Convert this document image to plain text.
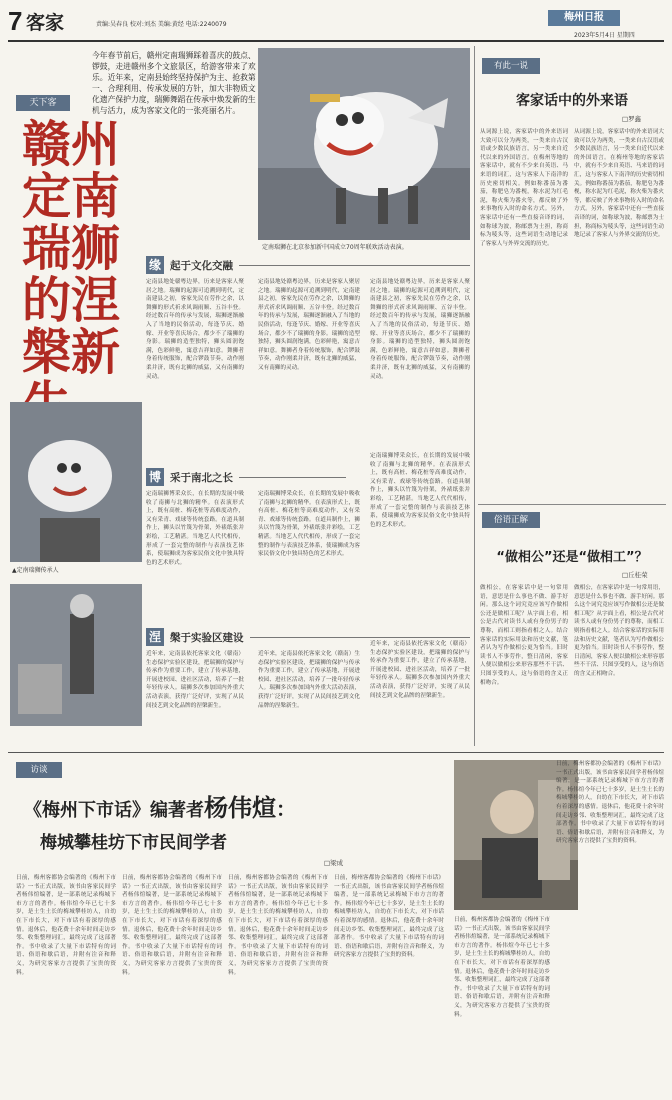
7 客家	责编:吴春良 校对:刘杰 美编:黄经 电话:2240079
梅州日报
2023年5月4日 星期四
天下客
赣州定南瑞狮的涅槃新
今年春节前后，赣州定南瑞狮踩着喜庆的鼓点、锣鼓，走进赣州多个文旅景区，给游客带来了欢乐。近年来，定南县始终坚持保护为主、抢救第一、合理利用、传承发展的方针，加大非物质文化遗产保护力度，瑞狮舞蹈在传承中焕发新的生机与活力，成为客家文化的一张亮丽名片。
定南瑞狮在北京参加新中国成立70周年联欢活动表演。
缘 起于文化交融
定南县地处赣粤边界，历来是客家人聚居之地。瑞狮的起源可追溯到明代，定南建县之初，客家先民在劳作之余，以舞狮的形式祈求风调雨顺、五谷丰登。经过数百年的传承与发展，瑞狮逐渐融入了当地的民俗活动，每逢节庆、婚嫁、开业等喜庆场合，都少不了瑞狮的身影。瑞狮的造型独特，狮头圆润饱满，色彩鲜艳，寓意吉祥如意。舞狮者身着传统服饰，配合锣鼓节奏，动作刚柔并济，既有北狮的威猛，又有南狮的灵动。
定南县地处赣粤边界，历来是客家人聚居之地。瑞狮的起源可追溯到明代，定南建县之初，客家先民在劳作之余，以舞狮的形式祈求风调雨顺、五谷丰登。经过数百年的传承与发展，瑞狮逐渐融入了当地的民俗活动，每逢节庆、婚嫁、开业等喜庆场合，都少不了瑞狮的身影。瑞狮的造型独特，狮头圆润饱满，色彩鲜艳，寓意吉祥如意。舞狮者身着传统服饰，配合锣鼓节奏，动作刚柔并济，既有北狮的威猛，又有南狮的灵动。
定南县地处赣粤边界，历来是客家人聚居之地。瑞狮的起源可追溯到明代，定南建县之初，客家先民在劳作之余，以舞狮的形式祈求风调雨顺、五谷丰登。经过数百年的传承与发展，瑞狮逐渐融入了当地的民俗活动，每逢节庆、婚嫁、开业等喜庆场合，都少不了瑞狮的身影。瑞狮的造型独特，狮头圆润饱满，色彩鲜艳，寓意吉祥如意。舞狮者身着传统服饰，配合锣鼓节奏，动作刚柔并济，既有北狮的威猛，又有南狮的灵动。
博 采于南北之长
定南瑞狮博采众长，在长期的发展中吸收了南狮与北狮的精华。在表演形式上，既有高桩、梅花桩等高难度动作，又有采青、戏球等传统套路。在道具制作上，狮头以竹篾为骨架，外裱纸张并彩绘，工艺精湛。当地艺人代代相传，形成了一套完整的制作与表演技艺体系，使瑞狮成为客家民俗文化中独具特色的艺术形式。
定南瑞狮博采众长，在长期的发展中吸收了南狮与北狮的精华。在表演形式上，既有高桩、梅花桩等高难度动作，又有采青、戏球等传统套路。在道具制作上，狮头以竹篾为骨架，外裱纸张并彩绘，工艺精湛。当地艺人代代相传，形成了一套完整的制作与表演技艺体系，使瑞狮成为客家民俗文化中独具特色的艺术形式。
定南瑞狮博采众长，在长期的发展中吸收了南狮与北狮的精华。在表演形式上，既有高桩、梅花桩等高难度动作，又有采青、戏球等传统套路。在道具制作上，狮头以竹篾为骨架，外裱纸张并彩绘，工艺精湛。当地艺人代代相传，形成了一套完整的制作与表演技艺体系，使瑞狮成为客家民俗文化中独具特色的艺术形式。
▲定南瑞狮传承人
涅 槃于实验区建设
近年来，定南县依托客家文化（赣南）生态保护实验区建设，把瑞狮的保护与传承作为重要工作，建立了传承基地，开展进校园、进社区活动，培养了一批年轻传承人。瑞狮多次参加国内外重大活动表演，获得广泛好评，实现了从民间技艺到文化品牌的涅槃新生。
近年来，定南县依托客家文化（赣南）生态保护实验区建设，把瑞狮的保护与传承作为重要工作，建立了传承基地，开展进校园、进社区活动，培养了一批年轻传承人。瑞狮多次参加国内外重大活动表演，获得广泛好评，实现了从民间技艺到文化品牌的涅槃新生。
近年来，定南县依托客家文化（赣南）生态保护实验区建设，把瑞狮的保护与传承作为重要工作，建立了传承基地，开展进校园、进社区活动，培养了一批年轻传承人。瑞狮多次参加国内外重大活动表演，获得广泛好评，实现了从民间技艺到文化品牌的涅槃新生。
有此一说
客家话中的外来语
□罗鑫
从词源上说，客家话中的外来语词大致可以分为两类，一类来自古汉语或少数民族语言，另一类来自近代以来的外国语言。在梅州等地的客家话中，就有不少来自英语、马来语的词汇，这与客家人下南洋的历史密切相关。例如称番茄为番茄，称肥皂为番枧，称水泥为红毛泥，称火柴为番火等，都反映了外来事物传入时的命名方式。另外，客家话中还有一些直接音译的词，如称球为波，称邮票为士担，称商标为唛头等，这些词语生动地记录了客家人与外界交流的历史。
从词源上说，客家话中的外来语词大致可以分为两类，一类来自古汉语或少数民族语言，另一类来自近代以来的外国语言。在梅州等地的客家话中，就有不少来自英语、马来语的词汇，这与客家人下南洋的历史密切相关。例如称番茄为番茄，称肥皂为番枧，称水泥为红毛泥，称火柴为番火等，都反映了外来事物传入时的命名方式。另外，客家话中还有一些直接音译的词，如称球为波，称邮票为士担，称商标为唛头等，这些词语生动地记录了客家人与外界交流的历史。
俗语正解
“做相公”还是“做相工”？
□丘桂荣
做相公，在客家话中是一句常用语，意思是什么事也不做、游手好闲。那么这个词究竟应该写作做相公还是做相工呢？从字面上看，相公是古代对读书人或有身份男子的尊称，而相工则指看相之人。结合客家话的实际用法和历史文献，笔者认为写作做相公更为恰当。旧时读书人不事劳作，整日清闲，客家人便以做相公来形容那些不干活、只图享受的人，这与俗语的含义正相吻合。
做相公，在客家话中是一句常用语，意思是什么事也不做、游手好闲。那么这个词究竟应该写作做相公还是做相工呢？从字面上看，相公是古代对读书人或有身份男子的尊称，而相工则指看相之人。结合客家话的实际用法和历史文献，笔者认为写作做相公更为恰当。旧时读书人不事劳作，整日清闲，客家人便以做相公来形容那些不干活、只图享受的人，这与俗语的含义正相吻合。
访谈
《梅州下市话》编著者杨伟煊：
梅城攀桂坊下市民间学者
□梁成
日前，梅州客都协会编著的《梅州下市话》一书正式出版，该书由客家民间学者杨伟煊编著，是一部系统记录梅城下市方言的著作。杨伟煊今年已七十多岁，是土生土长的梅城攀桂坊人，自幼在下市长大，对下市话有着深厚的感情。退休后，他花费十余年时间走访乡邻、收集整理词汇，最终完成了这部著作。书中收录了大量下市话特有的词语、俗语和歇后语，并附有注音和释义，为研究客家方言提供了宝贵的资料。
日前，梅州客都协会编著的《梅州下市话》一书正式出版，该书由客家民间学者杨伟煊编著，是一部系统记录梅城下市方言的著作。杨伟煊今年已七十多岁，是土生土长的梅城攀桂坊人，自幼在下市长大，对下市话有着深厚的感情。退休后，他花费十余年时间走访乡邻、收集整理词汇，最终完成了这部著作。书中收录了大量下市话特有的词语、俗语和歇后语，并附有注音和释义，为研究客家方言提供了宝贵的资料。
日前，梅州客都协会编著的《梅州下市话》一书正式出版，该书由客家民间学者杨伟煊编著，是一部系统记录梅城下市方言的著作。杨伟煊今年已七十多岁，是土生土长的梅城攀桂坊人，自幼在下市长大，对下市话有着深厚的感情。退休后，他花费十余年时间走访乡邻、收集整理词汇，最终完成了这部著作。书中收录了大量下市话特有的词语、俗语和歇后语，并附有注音和释义，为研究客家方言提供了宝贵的资料。
日前，梅州客都协会编著的《梅州下市话》一书正式出版，该书由客家民间学者杨伟煊编著，是一部系统记录梅城下市方言的著作。杨伟煊今年已七十多岁，是土生土长的梅城攀桂坊人，自幼在下市长大，对下市话有着深厚的感情。退休后，他花费十余年时间走访乡邻、收集整理词汇，最终完成了这部著作。书中收录了大量下市话特有的词语、俗语和歇后语，并附有注音和释义，为研究客家方言提供了宝贵的资料。
日前，梅州客都协会编著的《梅州下市话》一书正式出版，该书由客家民间学者杨伟煊编著，是一部系统记录梅城下市方言的著作。杨伟煊今年已七十多岁，是土生土长的梅城攀桂坊人，自幼在下市长大，对下市话有着深厚的感情。退休后，他花费十余年时间走访乡邻、收集整理词汇，最终完成了这部著作。书中收录了大量下市话特有的词语、俗语和歇后语，并附有注音和释义，为研究客家方言提供了宝贵的资料。
日前，梅州客都协会编著的《梅州下市话》一书正式出版，该书由客家民间学者杨伟煊编著，是一部系统记录梅城下市方言的著作。杨伟煊今年已七十多岁，是土生土长的梅城攀桂坊人，自幼在下市长大，对下市话有着深厚的感情。退休后，他花费十余年时间走访乡邻、收集整理词汇，最终完成了这部著作。书中收录了大量下市话特有的词语、俗语和歇后语，并附有注音和释义，为研究客家方言提供了宝贵的资料。
